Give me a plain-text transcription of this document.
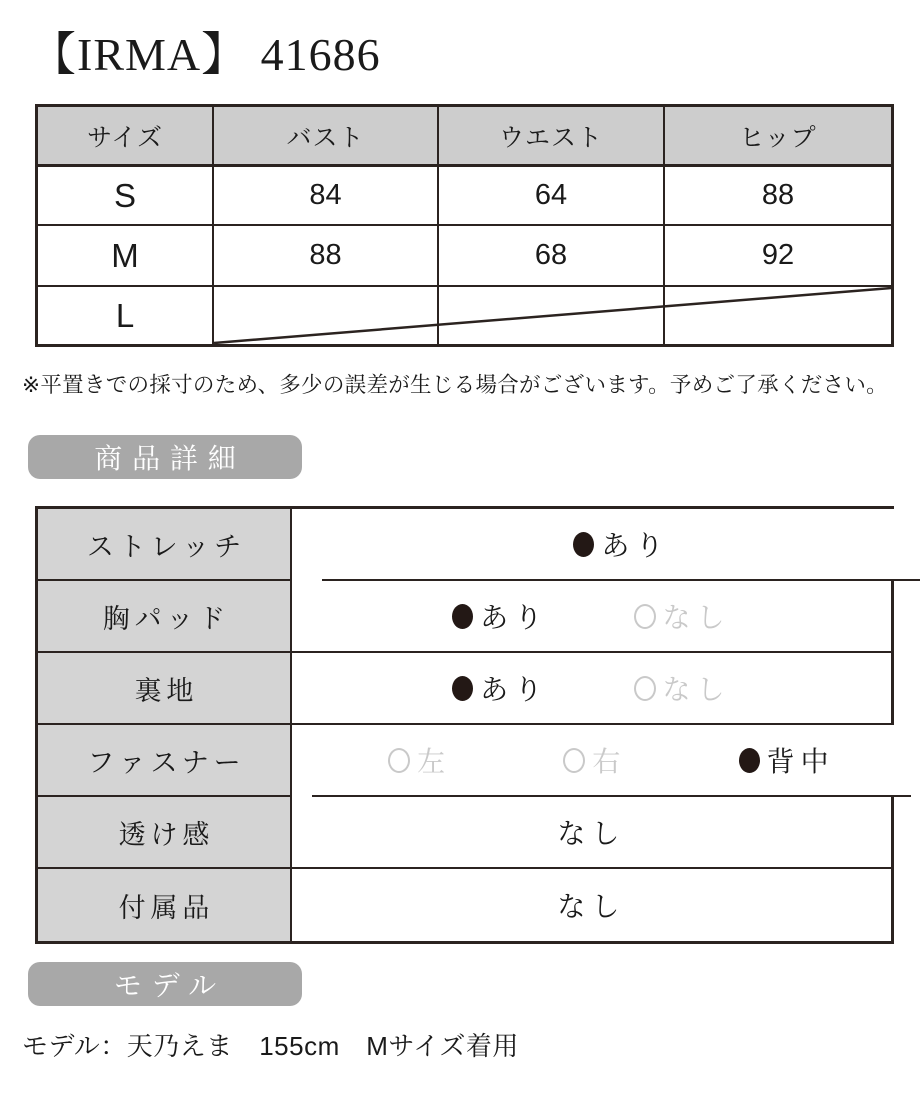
【IRMA】 41686
サイズ	バスト	ウエスト	ヒップ
S	84	64	88
M	88	68	92
L

※平置きでの採寸のため、多少の誤差が生じる場合がございます。予めご了承ください。

商品詳細
ストレッチ	あり
胸パッド	あり	なし
裏地	あり	なし
ファスナー	左	右	背中
透け感	なし
付属品	なし
モデル

モデル：天乃えま　155cm　Mサイズ着用
